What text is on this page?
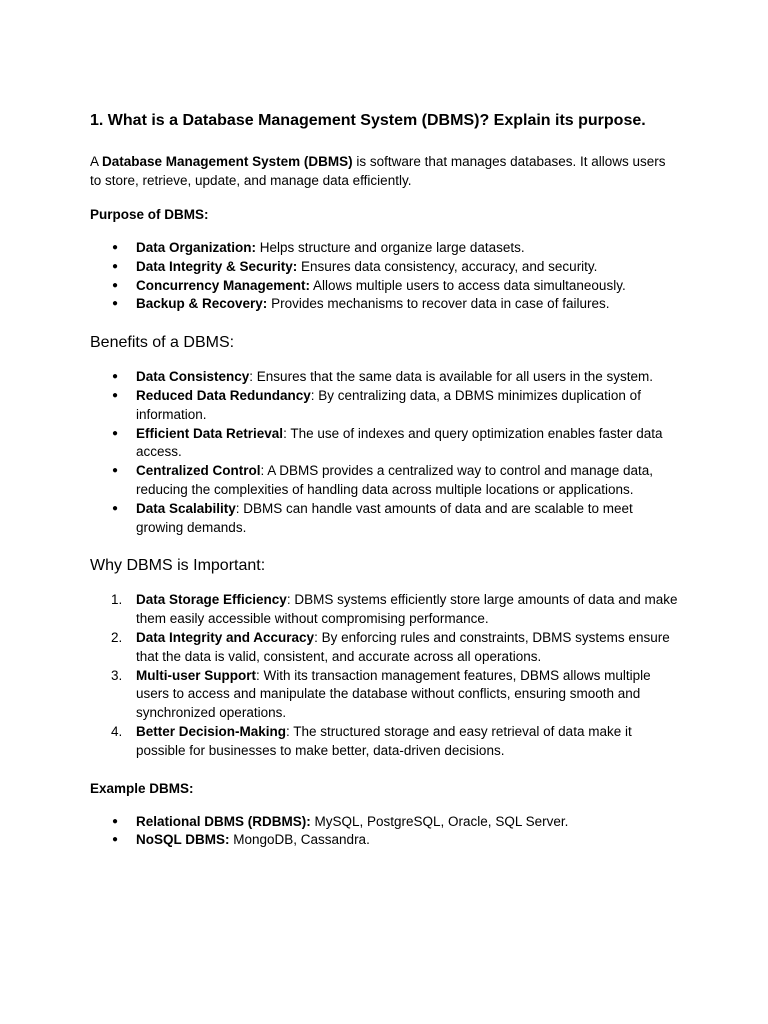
1. What is a Database Management System (DBMS)? Explain its purpose.

A Database Management System (DBMS) is software that manages databases. It allows users to store, retrieve, update, and manage data efficiently.

Purpose of DBMS:

● Data Organization: Helps structure and organize large datasets.
● Data Integrity & Security: Ensures data consistency, accuracy, and security.
● Concurrency Management: Allows multiple users to access data simultaneously.
● Backup & Recovery: Provides mechanisms to recover data in case of failures.
Benefits of a DBMS:
● Data Consistency: Ensures that the same data is available for all users in the system.
● Reduced Data Redundancy: By centralizing data, a DBMS minimizes duplication of information.
● Efficient Data Retrieval: The use of indexes and query optimization enables faster data access.
● Centralized Control: A DBMS provides a centralized way to control and manage data, reducing the complexities of handling data across multiple locations or applications.
● Data Scalability: DBMS can handle vast amounts of data and are scalable to meet growing demands.
Why DBMS is Important:
1. Data Storage Efficiency: DBMS systems efficiently store large amounts of data and make them easily accessible without compromising performance.
2. Data Integrity and Accuracy: By enforcing rules and constraints, DBMS systems ensure that the data is valid, consistent, and accurate across all operations.
3. Multi-user Support: With its transaction management features, DBMS allows multiple users to access and manipulate the database without conflicts, ensuring smooth and synchronized operations.
4. Better Decision-Making: The structured storage and easy retrieval of data make it possible for businesses to make better, data-driven decisions.

Example DBMS:

● Relational DBMS (RDBMS): MySQL, PostgreSQL, Oracle, SQL Server.
● NoSQL DBMS: MongoDB, Cassandra.
